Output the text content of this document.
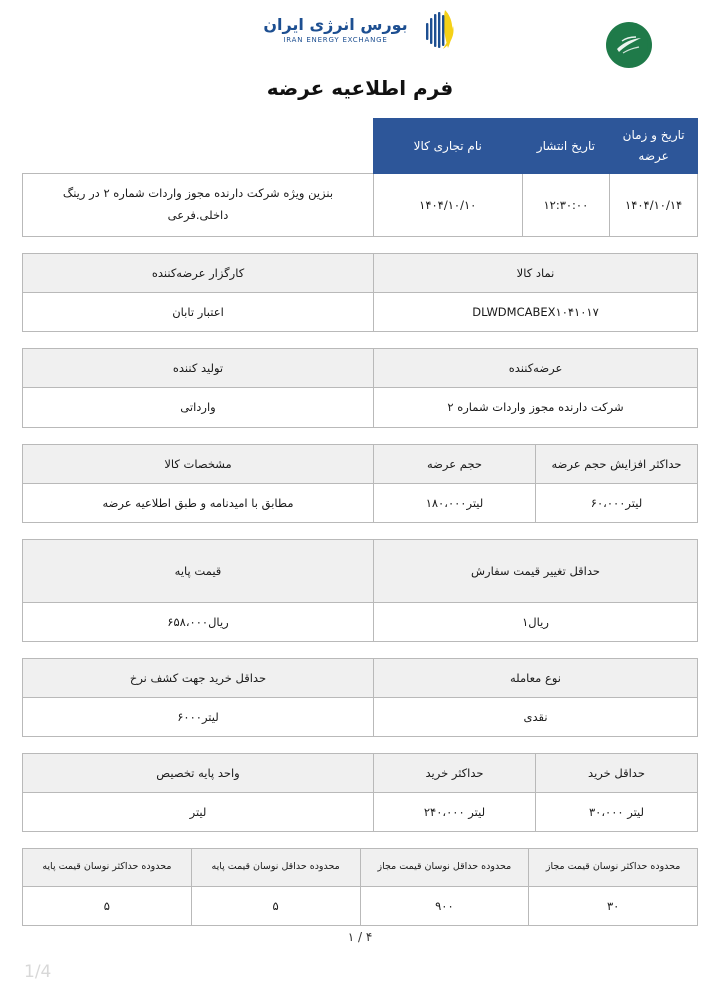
بورس انرژی ایران
IRAN ENERGY EXCHANGE
فرم اطلاعیه عرضه
تاریخ و زمان عرضه	تاریخ انتشار	نام تجاری کالا	
۱۴۰۴/۱۰/۱۴	۱۲:۳۰:۰۰	۱۴۰۴/۱۰/۱۰	بنزین ویژه شرکت دارنده مجوز واردات شماره ۲ در رینگ داخلی.فرعی
نماد کالا	کارگزار عرضه‌کننده
DLWDMCABEX۱۰۴۱۰۱۷	اعتبار تابان
عرضه‌کننده	تولید کننده
شرکت دارنده مجوز واردات شماره ۲	وارداتی
حداکثر افزایش حجم عرضه	حجم عرضه	مشخصات کالا
لیتر۶۰،۰۰۰	لیتر۱۸۰،۰۰۰	مطابق با امیدنامه و طبق اطلاعیه عرضه
حداقل تغییر قیمت سفارش	قیمت پایه
ریال۱	ریال۶۵۸،۰۰۰
نوع معامله	حداقل خرید جهت کشف نرخ
نقدی	لیتر۶۰۰۰
حداقل خرید	حداکثر خرید	واحد پایه تخصیص
لیتر ۳۰،۰۰۰	لیتر ۲۴۰،۰۰۰	لیتر
محدوده حداکثر نوسان قیمت مجاز	محدوده حداقل نوسان قیمت مجاز	محدوده حداقل نوسان قیمت پایه	محدوده حداکثر نوسان قیمت پایه
۳۰	۹۰۰	۵	۵
۴ / ۱
1/4
